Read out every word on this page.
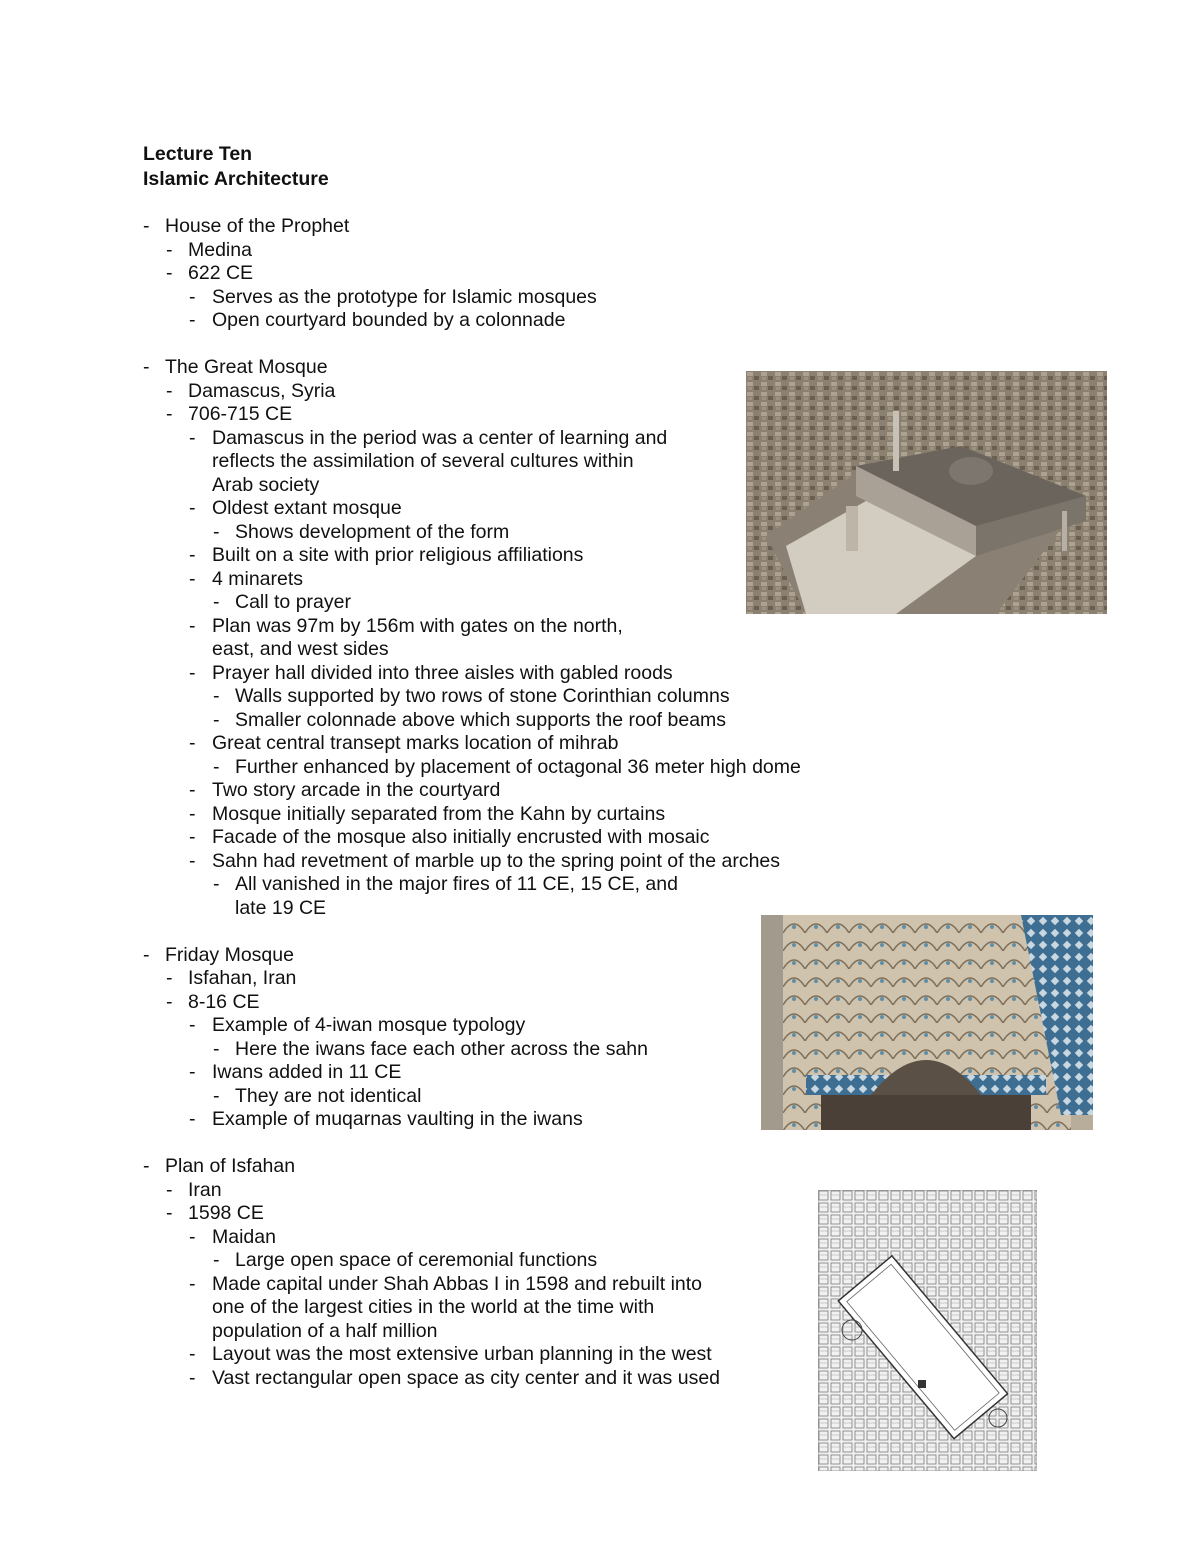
Lecture Ten
Islamic Architecture
- House of the Prophet
- Medina
- 622 CE
- Serves as the prototype for Islamic mosques
- Open courtyard bounded by a colonnade
- The Great Mosque
- Damascus, Syria
- 706-715 CE
- Damascus in the period was a center of learning and
reflects the assimilation of several cultures within
Arab society
- Oldest extant mosque
- Shows development of the form
- Built on a site with prior religious affiliations
- 4 minarets
- Call to prayer
- Plan was 97m by 156m with gates on the north,
east, and west sides
- Prayer hall divided into three aisles with gabled roods
- Walls supported by two rows of stone Corinthian columns
- Smaller colonnade above which supports the roof beams
- Great central transept marks location of mihrab
- Further enhanced by placement of octagonal 36 meter high dome
- Two story arcade in the courtyard
- Mosque initially separated from the Kahn by curtains
- Facade of the mosque also initially encrusted with mosaic
- Sahn had revetment of marble up to the spring point of the arches
- All vanished in the major fires of 11 CE, 15 CE, and
late 19 CE
- Friday Mosque
- Isfahan, Iran
- 8-16 CE
- Example of 4-iwan mosque typology
- Here the iwans face each other across the sahn
- Iwans added in 11 CE
- They are not identical
- Example of muqarnas vaulting in the iwans
- Plan of Isfahan
- Iran
- 1598 CE
- Maidan
- Large open space of ceremonial functions
- Made capital under Shah Abbas I in 1598 and rebuilt into
one of the largest cities in the world at the time with
population of a half million
- Layout was the most extensive urban planning in the west
- Vast rectangular open space as city center and it was used
